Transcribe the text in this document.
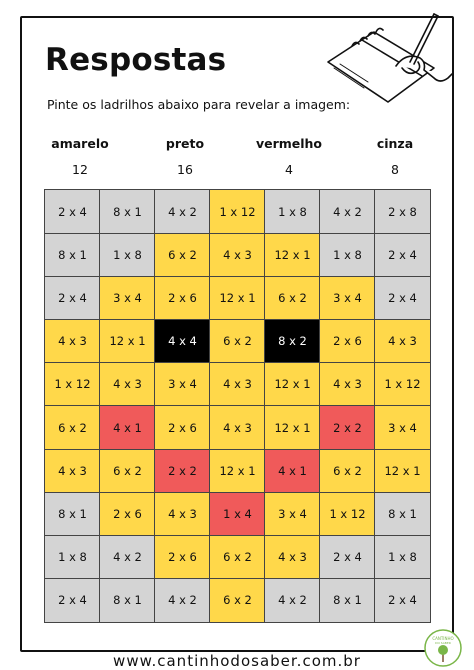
Respostas
Pinte os ladrilhos abaixo para revelar a imagem:
amarelo	preto	vermelho	cinza
12	16	4	8
2 x 4	8 x 1	4 x 2	1 x 12	1 x 8	4 x 2	2 x 8
8 x 1	1 x 8	6 x 2	4 x 3	12 x 1	1 x 8	2 x 4
2 x 4	3 x 4	2 x 6	12 x 1	6 x 2	3 x 4	2 x 4
4 x 3	12 x 1	4 x 4	6 x 2	8 x 2	2 x 6	4 x 3
1 x 12	4 x 3	3 x 4	4 x 3	12 x 1	4 x 3	1 x 12
6 x 2	4 x 1	2 x 6	4 x 3	12 x 1	2 x 2	3 x 4
4 x 3	6 x 2	2 x 2	12 x 1	4 x 1	6 x 2	12 x 1
8 x 1	2 x 6	4 x 3	1 x 4	3 x 4	1 x 12	8 x 1
1 x 8	4 x 2	2 x 6	6 x 2	4 x 3	2 x 4	1 x 8
2 x 4	8 x 1	4 x 2	6 x 2	4 x 2	8 x 1	2 x 4
www.cantinhodosaber.com.br
CANTINHO
DO SABER
